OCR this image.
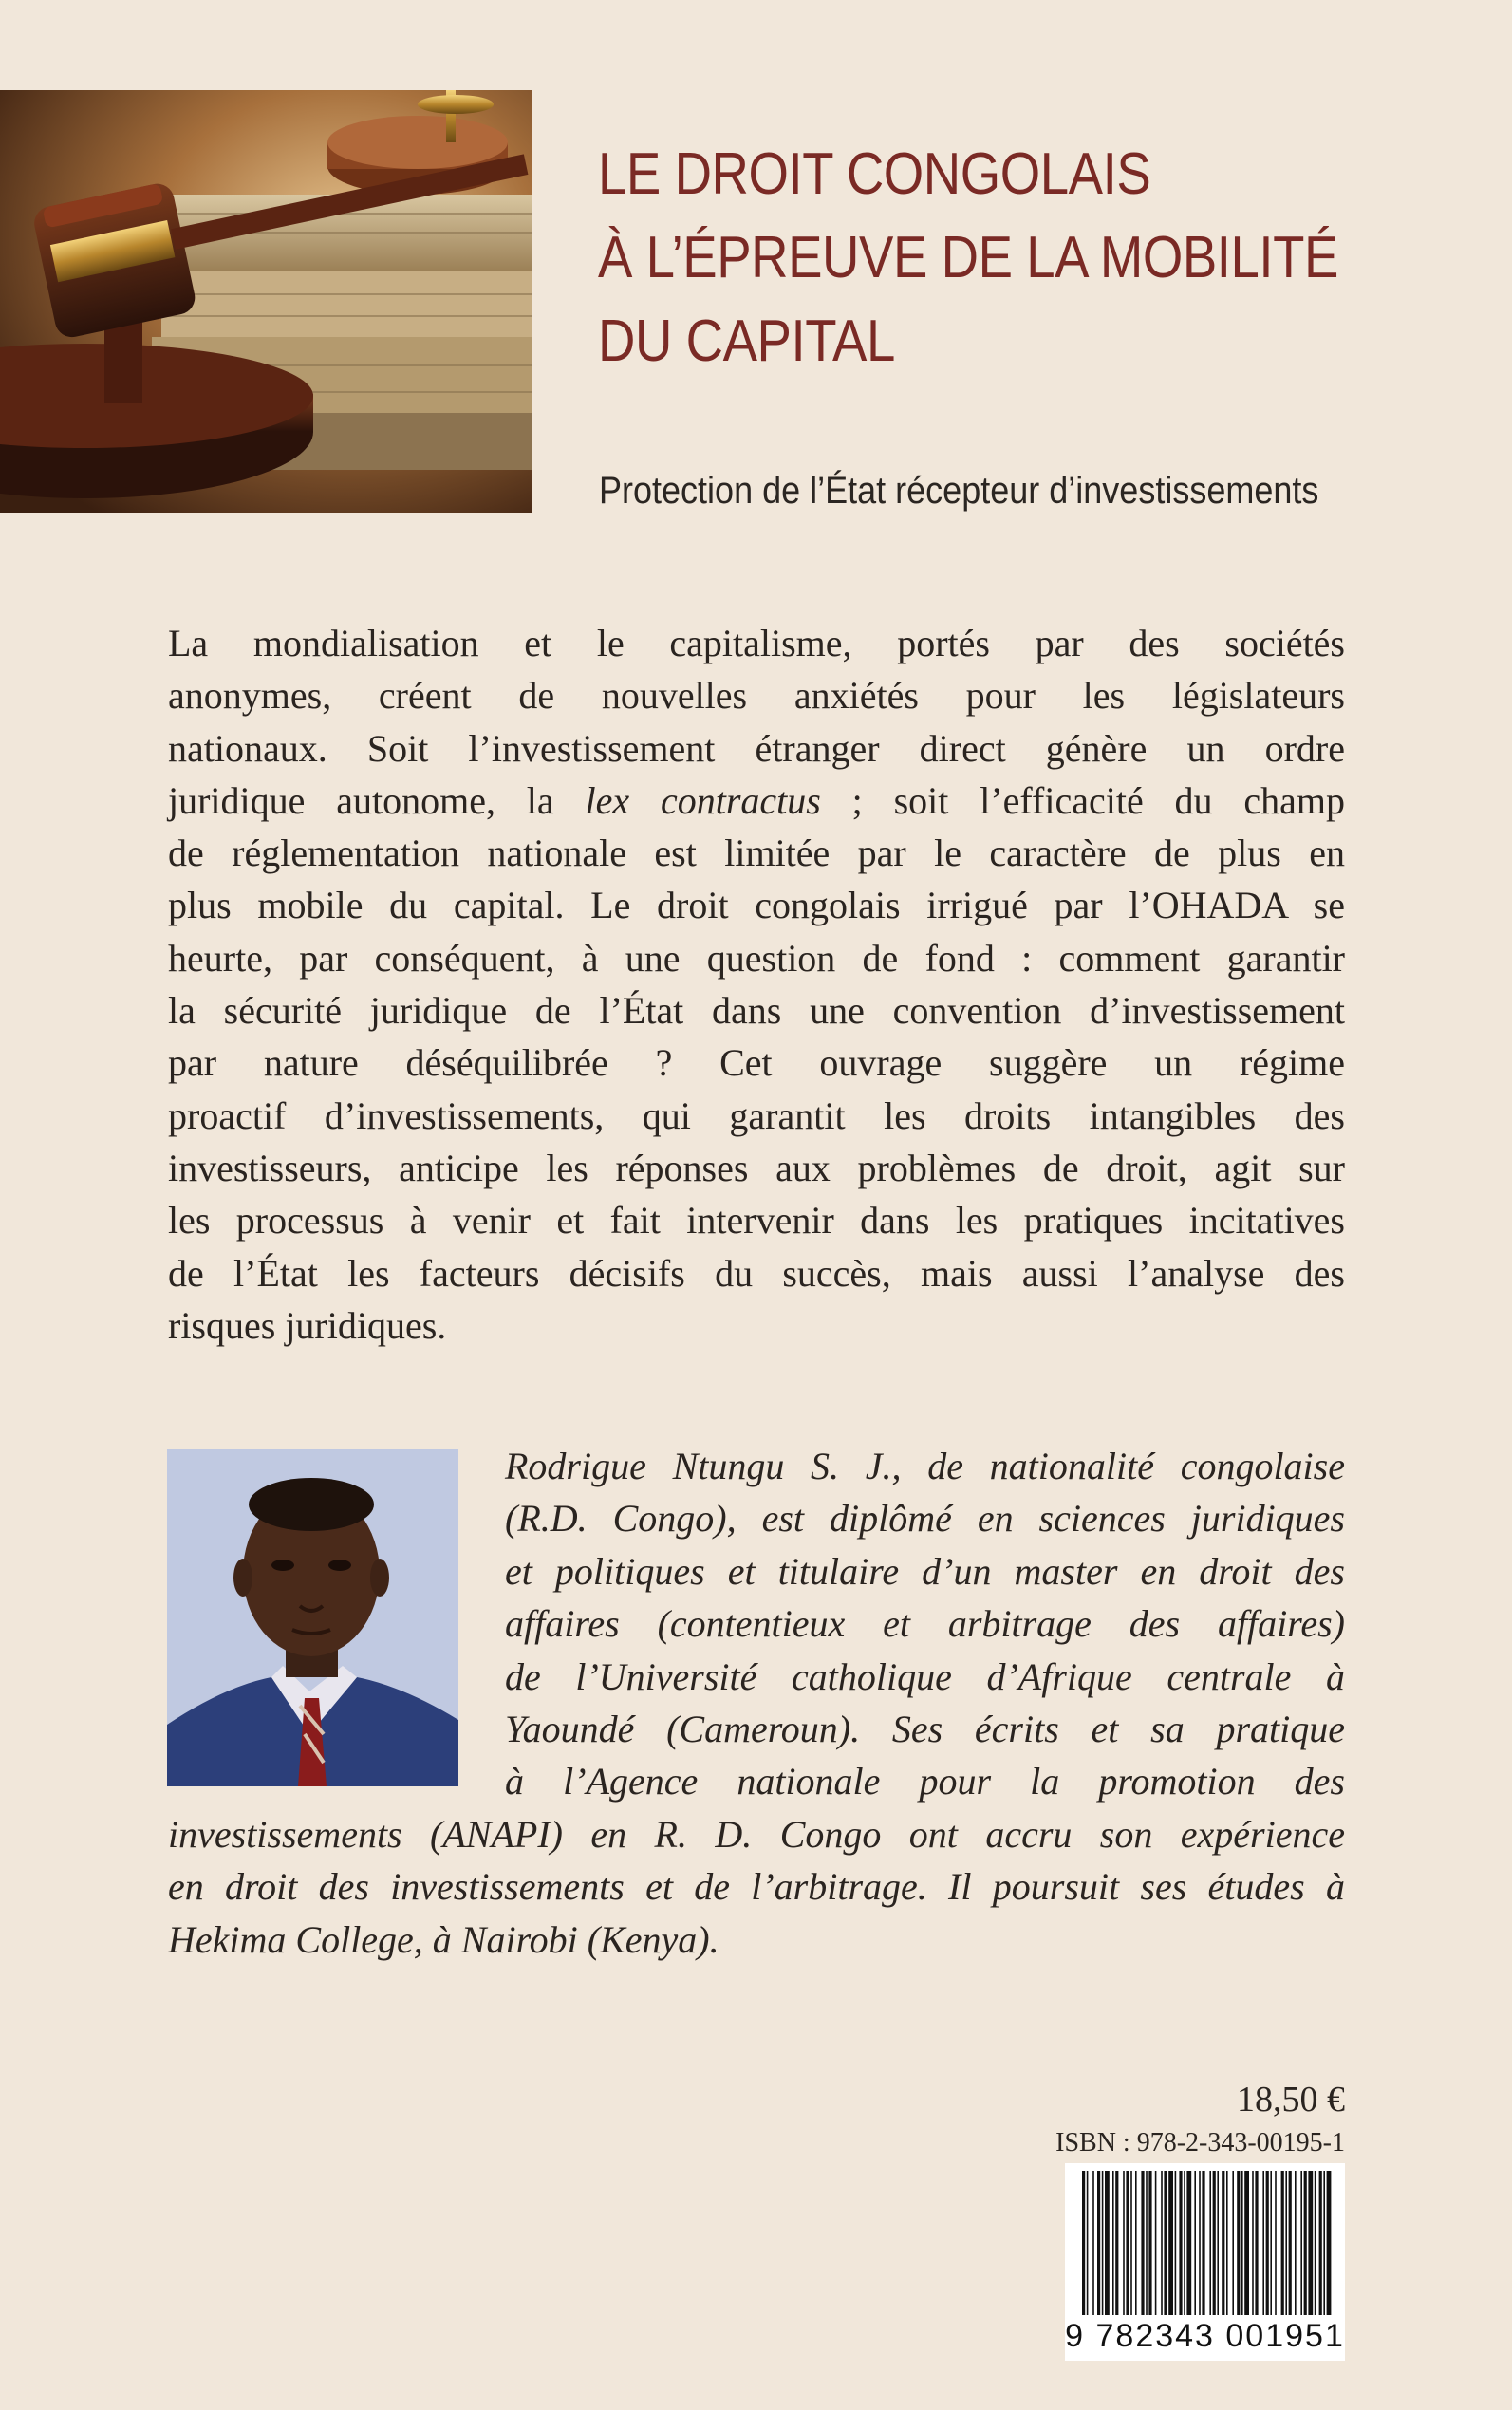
LE DROIT CONGOLAIS
À L’ÉPREUVE DE LA MOBILITÉ
DU CAPITAL
Protection de l’État récepteur d’investissements
La mondialisation et le capitalisme, portés par des sociétés
anonymes, créent de nouvelles anxiétés pour les législateurs
nationaux. Soit l’investissement étranger direct génère un ordre
juridique autonome, la lex contractus ; soit l’efficacité du champ
de réglementation nationale est limitée par le caractère de plus en
plus mobile du capital. Le droit congolais irrigué par l’OHADA se
heurte, par conséquent, à une question de fond : comment garantir
la sécurité juridique de l’État dans une convention d’investissement
par nature déséquilibrée ? Cet ouvrage suggère un régime
proactif d’investissements, qui garantit les droits intangibles des
investisseurs, anticipe les réponses aux problèmes de droit, agit sur
les processus à venir et fait intervenir dans les pratiques incitatives
de l’État les facteurs décisifs du succès, mais aussi l’analyse des
risques juridiques.
Rodrigue Ntungu S. J., de nationalité congolaise
(R.D. Congo), est diplômé en sciences juridiques
et politiques et titulaire d’un master en droit des
affaires (contentieux et arbitrage des affaires)
de l’Université catholique d’Afrique centrale à
Yaoundé (Cameroun). Ses écrits et sa pratique
à l’Agence nationale pour la promotion des
investissements (ANAPI) en R. D. Congo ont accru son expérience
en droit des investissements et de l’arbitrage. Il poursuit ses études à
Hekima College, à Nairobi (Kenya).
18,50 €
ISBN : 978-2-343-00195-1
9 782343 001951
